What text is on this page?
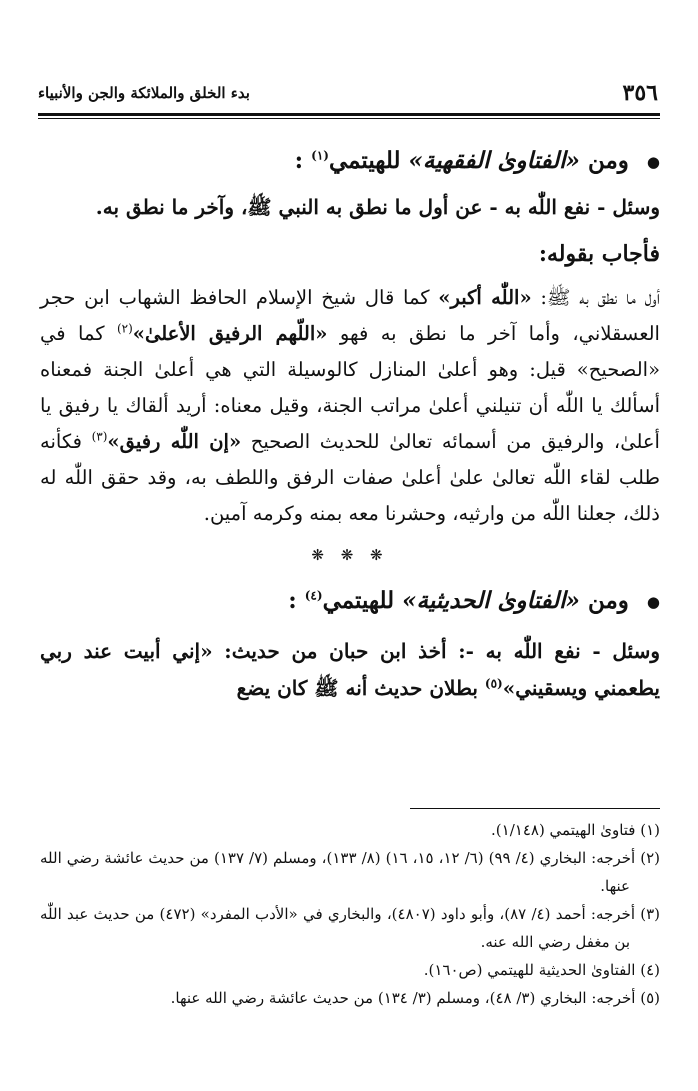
٣٥٦
بدء الخلق والملائكة والجن والأنبياء

● ومن «الفتاوىٰ الفقهية» للهيتمي$^{(١)}$ :

وسئل - نفع اللّٰه به - عن أول ما نطق به النبي ﷺ، وآخر ما نطق به.

فأجاب بقوله:

أول ما نطق به ﷺ: «اللّٰه أكبر» كما قال شيخ الإسلام الحافظ الشهاب ابن حجر العسقلاني، وأما آخر ما نطق به فهو «اللّهم الرفيق الأعلىٰ»$^{(٢)}$ كما في «الصحيح» قيل: وهو أعلىٰ المنازل كالوسيلة التي هي أعلىٰ الجنة فمعناه أسألك يا اللّٰه أن تنيلني أعلىٰ مراتب الجنة، وقيل معناه: أريد ألقاك يا رفيق يا أعلىٰ، والرفيق من أسمائه تعالىٰ للحديث الصحيح «إن اللّٰه رفيق»$^{(٣)}$ فكأنه طلب لقاء اللّٰه تعالىٰ علىٰ أعلىٰ صفات الرفق واللطف به، وقد حقق اللّٰه له ذلك، جعلنا اللّٰه من وارثيه، وحشرنا معه بمنه وكرمه آمين.

❋ ❋ ❋

● ومن «الفتاوىٰ الحديثية» للهيتمي$^{(٤)}$ :

وسئل - نفع اللّٰه به -: أخذ ابن حبان من حديث: «إني أبيت عند ربي يطعمني ويسقيني»$^{(٥)}$ بطلان حديث أنه ﷺ كان يضع

(١) فتاوىٰ الهيتمي (١/١٤٨).

(٢) أخرجه: البخاري (٤/ ٩٩) (٦/ ١٢، ١٥، ١٦) (٨/ ١٣٣)، ومسلم (٧/ ١٣٧) من حديث عائشة رضي الله عنها.

(٣) أخرجه: أحمد (٤/ ٨٧)، وأبو داود (٤٨٠٧)، والبخاري في «الأدب المفرد» (٤٧٢) من حديث عبد اللّٰه بن مغفل رضي الله عنه.

(٤) الفتاوىٰ الحديثية للهيتمي (ص١٦٠).

(٥) أخرجه: البخاري (٣/ ٤٨)، ومسلم (٣/ ١٣٤) من حديث عائشة رضي الله عنها.
